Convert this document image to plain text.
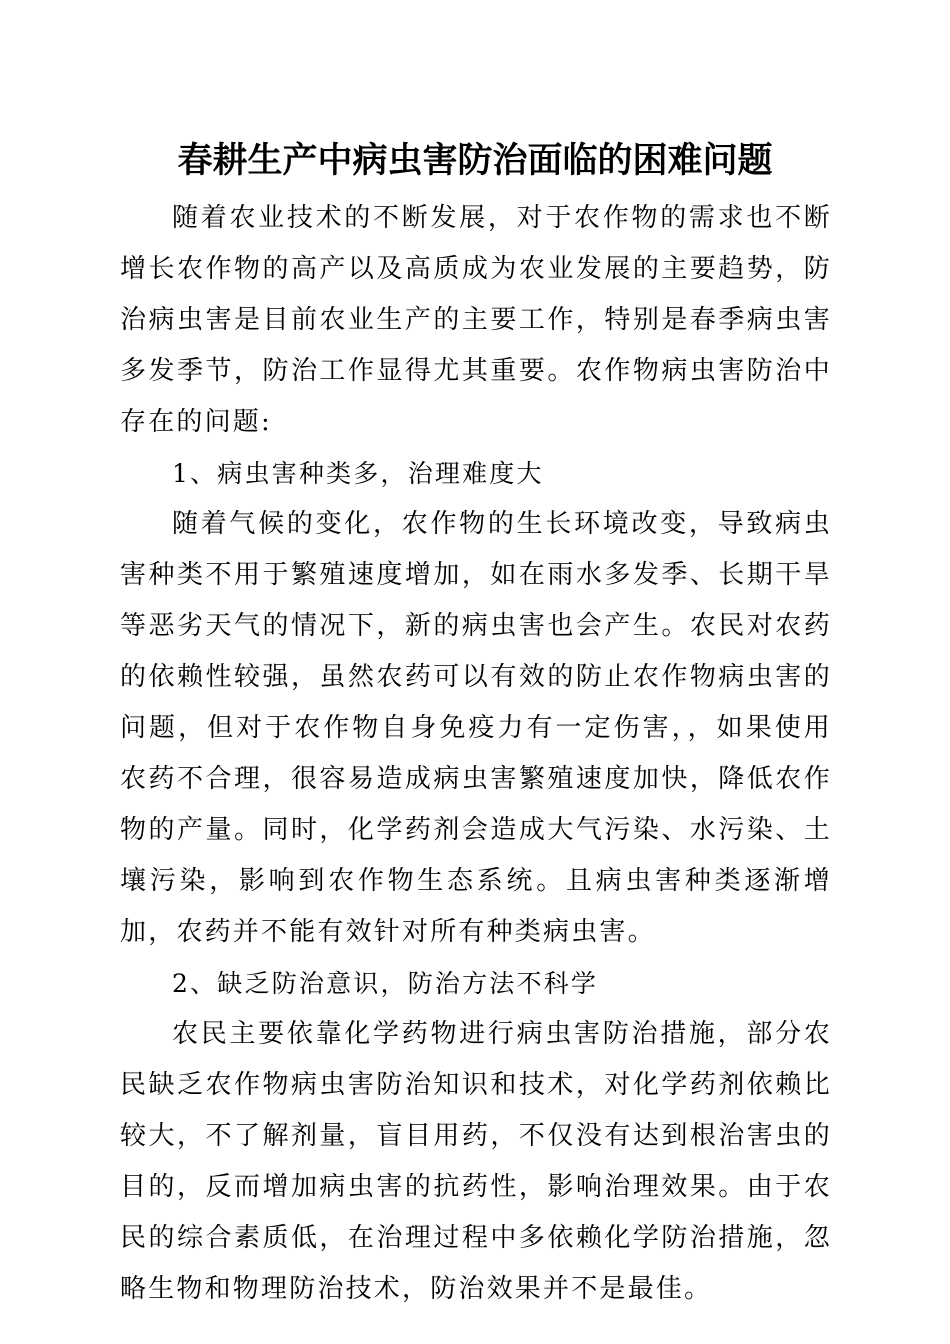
春耕生产中病虫害防治面临的困难问题

随着农业技术的不断发展，对于农作物的需求也不断增长农作物的高产以及高质成为农业发展的主要趋势，防治病虫害是目前农业生产的主要工作，特别是春季病虫害多发季节，防治工作显得尤其重要。农作物病虫害防治中存在的问题:

1、病虫害种类多，治理难度大

随着气候的变化，农作物的生长环境改变，导致病虫害种类不用于繁殖速度增加，如在雨水多发季、长期干旱等恶劣天气的情况下，新的病虫害也会产生。农民对农药的依赖性较强，虽然农药可以有效的防止农作物病虫害的问题，但对于农作物自身免疫力有一定伤害，，如果使用农药不合理，很容易造成病虫害繁殖速度加快，降低农作物的产量。同时，化学药剂会造成大气污染、水污染、土壤污染，影响到农作物生态系统。且病虫害种类逐渐增加，农药并不能有效针对所有种类病虫害。

2、缺乏防治意识，防治方法不科学

农民主要依靠化学药物进行病虫害防治措施，部分农民缺乏农作物病虫害防治知识和技术，对化学药剂依赖比较大，不了解剂量，盲目用药，不仅没有达到根治害虫的目的，反而增加病虫害的抗药性，影响治理效果。由于农民的综合素质低，在治理过程中多依赖化学防治措施，忽略生物和物理防治技术，防治效果并不是最佳。
